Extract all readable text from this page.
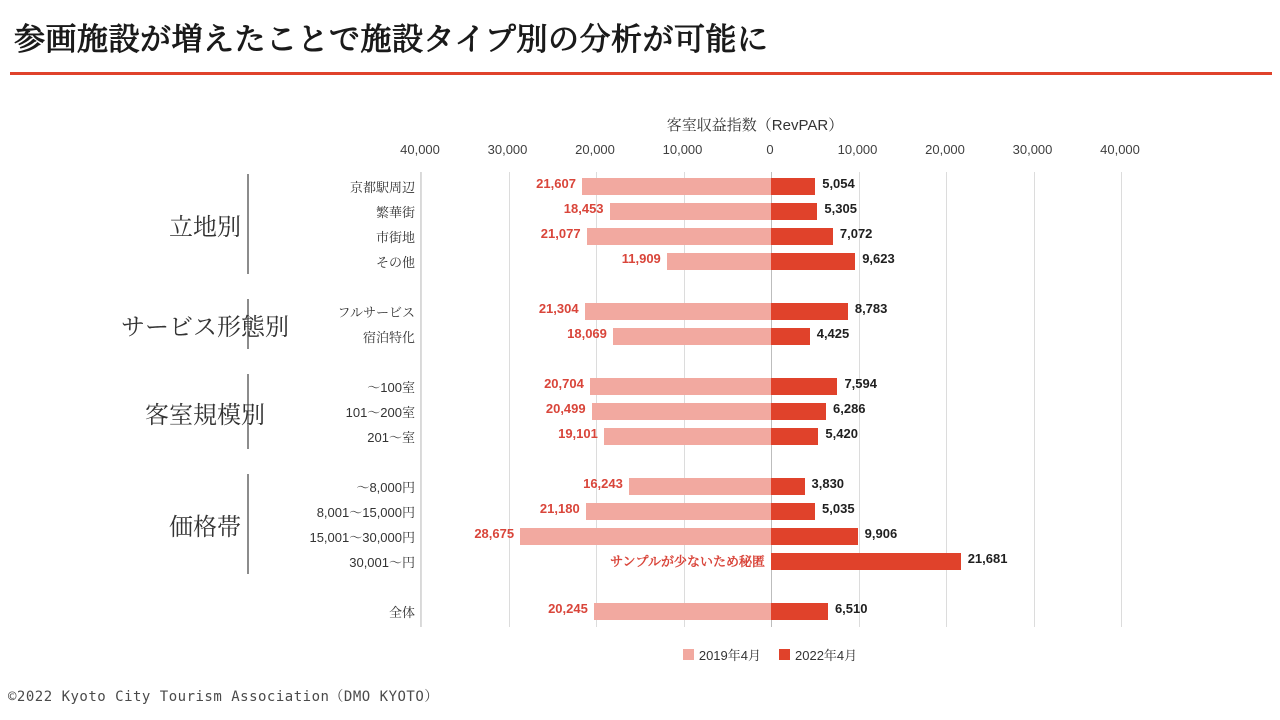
参画施設が増えたことで施設タイプ別の分析が可能に
客室収益指数（RevPAR）
40,000	30,000	20,000	10,000	0	10,000	20,000	30,000	40,000
京都駅周辺	21,607	5,054
繁華街	18,453	5,305
市街地	21,077	7,072
その他	11,909	9,623
フルサービス	21,304	8,783
宿泊特化	18,069	4,425
〜100室	20,704	7,594
101〜200室	20,499	6,286
201〜室	19,101	5,420
〜8,000円	16,243	3,830
8,001〜15,000円	21,180	5,035
15,001〜30,000円	28,675	9,906
30,001〜円	サンプルが少ないため秘匿	21,681
全体	20,245	6,510
2019年4月	2022年4月
立地別
サービス形態別
客室規模別
価格帯
©2022 Kyoto City Tourism Association（DMO KYOTO）
